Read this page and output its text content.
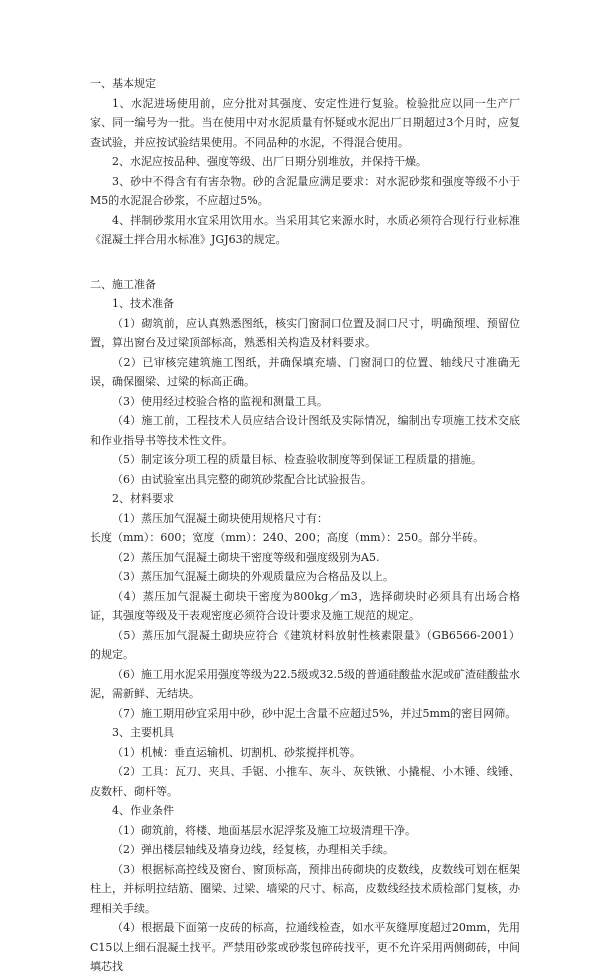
一、基本规定

1、水泥进场使用前，应分批对其强度、安定性进行复验。检验批应以同一生产厂家、同一编号为一批。当在使用中对水泥质量有怀疑或水泥出厂日期超过3个月时，应复查试验，并应按试验结果使用。不同品种的水泥，不得混合使用。

2、水泥应按品种、强度等级、出厂日期分别堆放，并保持干燥。

3、砂中不得含有有害杂物。砂的含泥量应满足要求：对水泥砂浆和强度等级不小于M5的水泥混合砂浆，不应超过5%。

4、拌制砂浆用水宜采用饮用水。当采用其它来源水时，水质必须符合现行行业标准《混凝土拌合用水标准》JGJ63的规定。

二、施工准备

1、技术准备

（1）砌筑前，应认真熟悉图纸，核实门窗洞口位置及洞口尺寸，明确预埋、预留位置，算出窗台及过梁顶部标高，熟悉相关构造及材料要求。

（2）已审核完建筑施工图纸，并确保填充墙、门窗洞口的位置、轴线尺寸准确无误，确保圈梁、过梁的标高正确。

（3）使用经过校验合格的监视和测量工具。

（4）施工前，工程技术人员应结合设计图纸及实际情况，编制出专项施工技术交底和作业指导书等技术性文件。

（5）制定该分项工程的质量目标、检查验收制度等到保证工程质量的措施。

（6）由试验室出具完整的砌筑砂浆配合比试验报告。

2、材料要求

（1）蒸压加气混凝土砌块使用规格尺寸有：

长度（mm）：600；宽度（mm）：240、200；高度（mm）：250。部分半砖。

（2）蒸压加气混凝土砌块干密度等级和强度级别为A5.

（3）蒸压加气混凝土砌块的外观质量应为合格品及以上。

（4）蒸压加气混凝土砌块干密度为800kg／m3，选择砌块时必须具有出场合格证，其强度等级及干表观密度必须符合设计要求及施工规范的规定。

（5）蒸压加气混凝土砌块应符合《建筑材料放射性核素限量》（GB6566-2001）的规定。

（6）施工用水泥采用强度等级为22.5级或32.5级的普通硅酸盐水泥或矿渣硅酸盐水泥，需新鲜、无结块。

（7）施工期用砂宜采用中砂，砂中泥土含量不应超过5%，并过5mm的密目网筛。

3、主要机具

（1）机械：垂直运输机、切割机、砂浆搅拌机等。

（2）工具：瓦刀、夹具、手锯、小推车、灰斗、灰铁锹、小撬棍、小木锤、线锤、皮数杆、砌杆等。

4、作业条件

（1）砌筑前，将楼、地面基层水泥浮浆及施工垃圾清理干净。

（2）弹出楼层轴线及墙身边线，经复核，办理相关手续。

（3）根据标高控线及窗台、窗顶标高，预排出砖砌块的皮数线，皮数线可划在框架柱上，并标明拉结筋、圈梁、过梁、墙梁的尺寸、标高，皮数线经技术质检部门复核，办理相关手续。

（4）根据最下面第一皮砖的标高，拉通线检查，如水平灰缝厚度超过20mm，先用C15以上细石混凝土找平。严禁用砂浆或砂浆包碎砖找平，更不允许采用两侧砌砖，中间填芯找
